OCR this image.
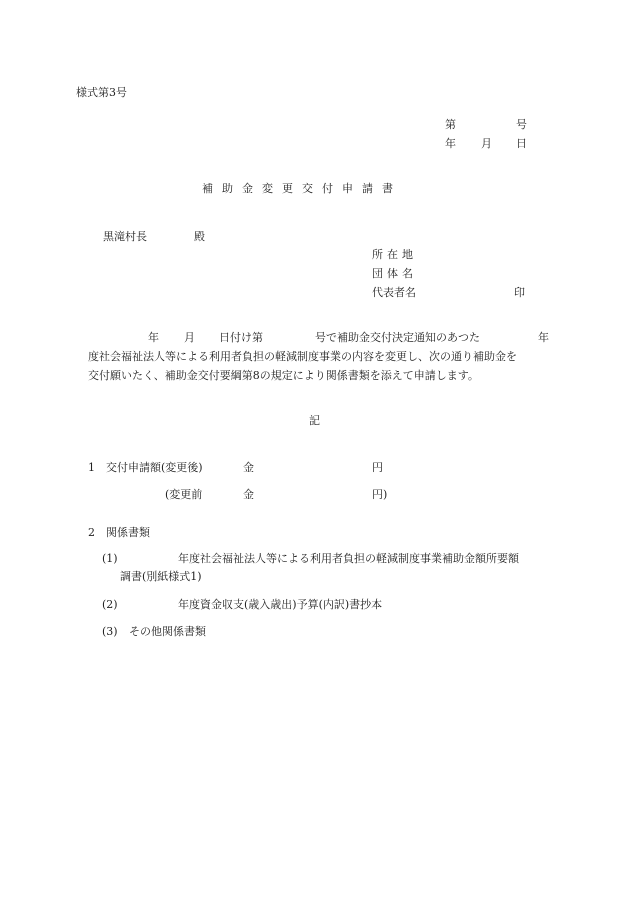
様式第3号
第	号
年 月 日
補助金変更交付申請書
黒滝村長	殿
所在地
団体名
代表者名	印
年 月 日付け第	号で補助金交付決定通知のあつた	年
度社会福祉法人等による利用者負担の軽減制度事業の内容を変更し、次の通り補助金を
交付願いたく、補助金交付要綱第8の規定により関係書類を添えて申請します。
記
1 交付申請額(変更後)	金	円
(変更前	金	円)
2 関係書類
(1)	年度社会福祉法人等による利用者負担の軽減制度事業補助金額所要額
調書(別紙様式1)
(2)	年度資金収支(歳入歳出)予算(内訳)書抄本
(3) その他関係書類
